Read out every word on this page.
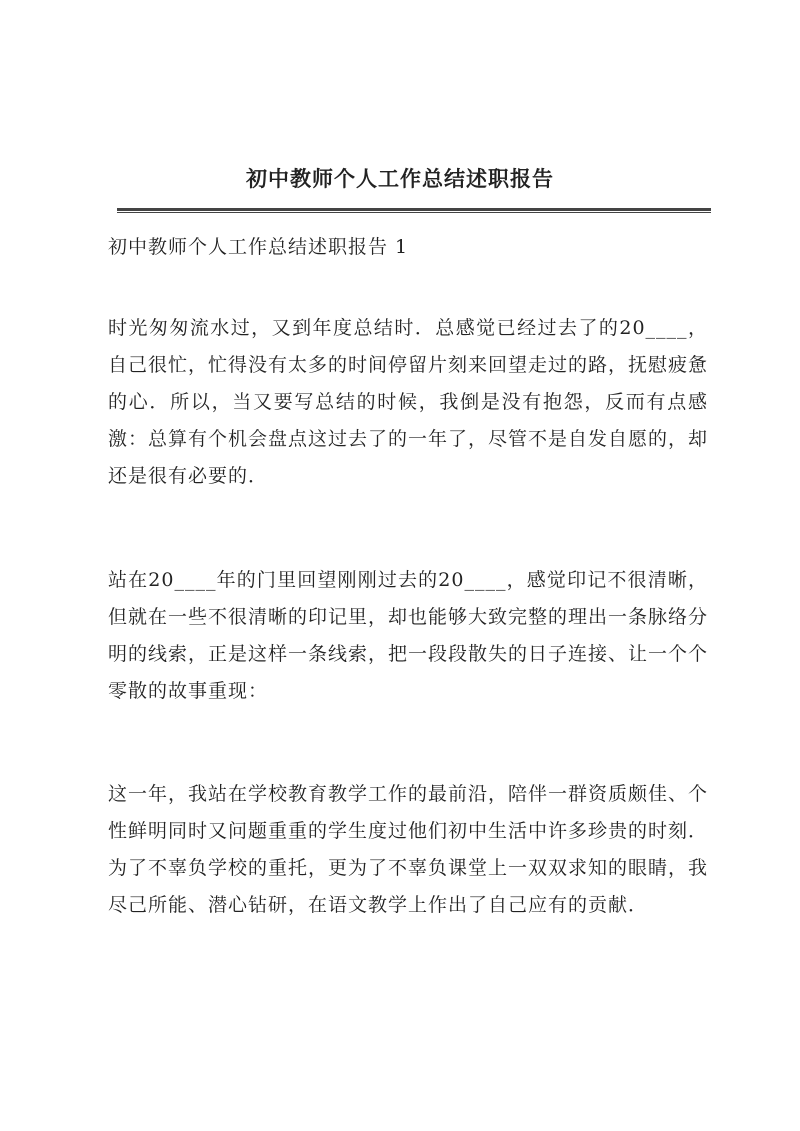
初中教师个人工作总结述职报告

初中教师个人工作总结述职报告 1

时光匆匆流水过，又到年度总结时．总感觉已经过去了的20____，自己很忙，忙得没有太多的时间停留片刻来回望走过的路，抚慰疲惫的心．所以，当又要写总结的时候，我倒是没有抱怨，反而有点感激：总算有个机会盘点这过去了的一年了，尽管不是自发自愿的，却还是很有必要的．

站在20____年的门里回望刚刚过去的20____，感觉印记不很清晰，但就在一些不很清晰的印记里，却也能够大致完整的理出一条脉络分明的线索，正是这样一条线索，把一段段散失的日子连接、让一个个零散的故事重现：

这一年，我站在学校教育教学工作的最前沿，陪伴一群资质颇佳、个性鲜明同时又问题重重的学生度过他们初中生活中许多珍贵的时刻．为了不辜负学校的重托，更为了不辜负课堂上一双双求知的眼睛，我尽己所能、潜心钻研，在语文教学上作出了自己应有的贡献．
